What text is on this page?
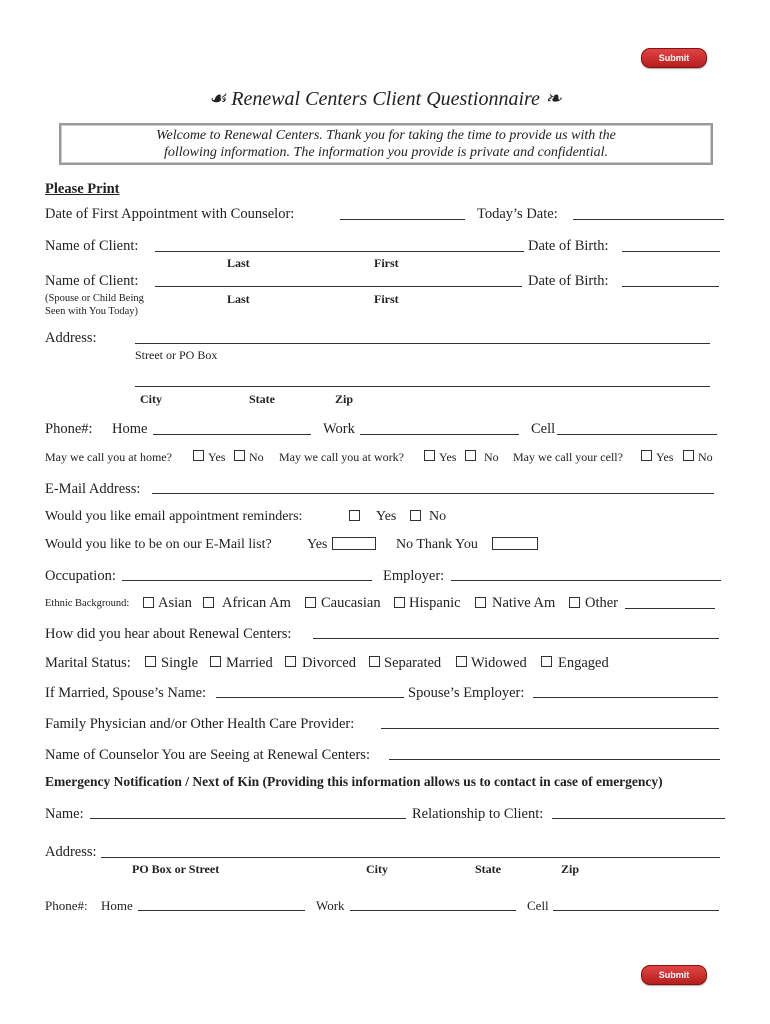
Submit
Submit
☙ Renewal Centers Client Questionnaire ❧
Welcome to Renewal Centers. Thank you for taking the time to provide us with the
following information. The information you provide is private and confidential.
Please Print
Date of First Appointment with Counselor:	Today’s Date:
Name of Client:	Date of Birth:
Last	First
Name of Client:	Date of Birth:
(Spouse or Child Being
Seen with You Today)
Last	First
Address:
Street or PO Box
City	State	Zip
Phone#: Home	Work	Cell
May we call you at home?	Yes No May we call you at work?	Yes No May we call your cell?	Yes No
E-Mail Address:
Would you like email appointment reminders:	Yes No
Would you like to be on our E-Mail list?	Yes	No Thank You
Occupation:	Employer:
Ethnic Background: Asian African Am Caucasian Hispanic Native Am Other
How did you hear about Renewal Centers:
Marital Status: Single Married Divorced Separated Widowed Engaged
If Married, Spouse’s Name:	Spouse’s Employer:
Family Physician and/or Other Health Care Provider:
Name of Counselor You are Seeing at Renewal Centers:
Emergency Notification / Next of Kin (Providing this information allows us to contact in case of emergency)
Name:	Relationship to Client:
Address:
PO Box or Street	City	State	Zip
Phone#: Home	Work	Cell
